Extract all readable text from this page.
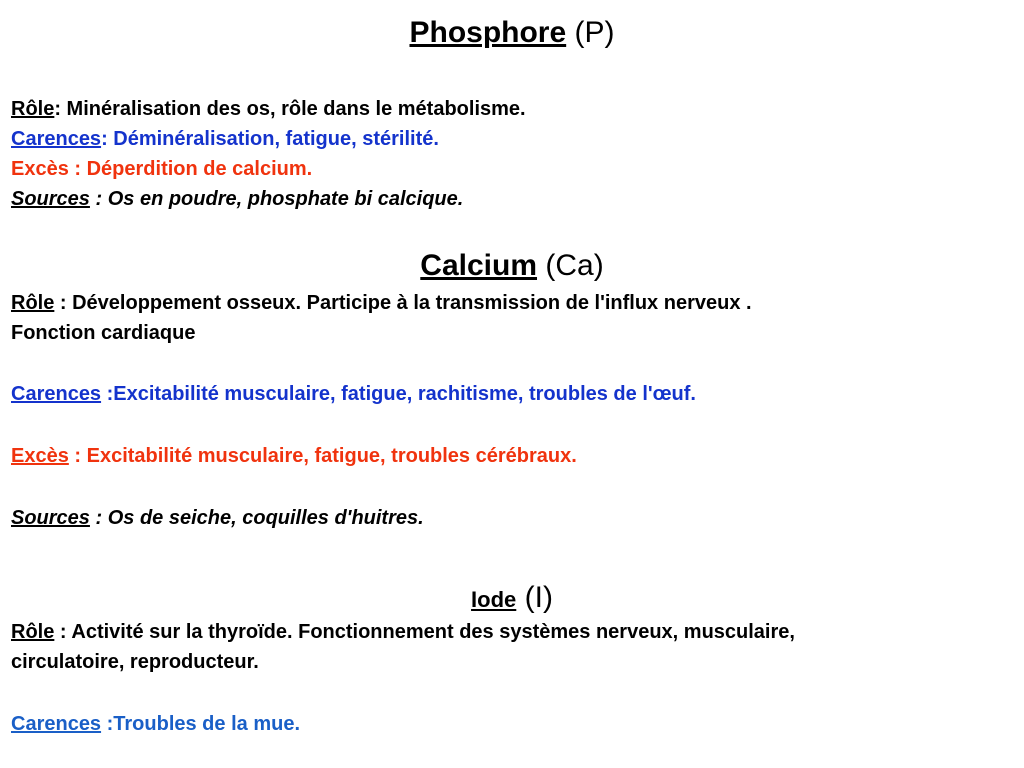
Phosphore (P)
Rôle: Minéralisation des os, rôle dans le métabolisme.
Carences: Déminéralisation, fatigue, stérilité.
Excès : Déperdition de calcium.
Sources : Os en poudre, phosphate bi calcique.
Calcium (Ca)
Rôle : Développement osseux. Participe à la transmission de l'influx nerveux .
Fonction cardiaque
Carences :Excitabilité musculaire, fatigue, rachitisme, troubles de l'œuf.
Excès : Excitabilité musculaire, fatigue, troubles cérébraux.
Sources : Os de seiche, coquilles d'huitres.
Iode (I)
Rôle : Activité sur la thyroïde. Fonctionnement des systèmes nerveux, musculaire,
circulatoire, reproducteur.
Carences :Troubles de la mue.
